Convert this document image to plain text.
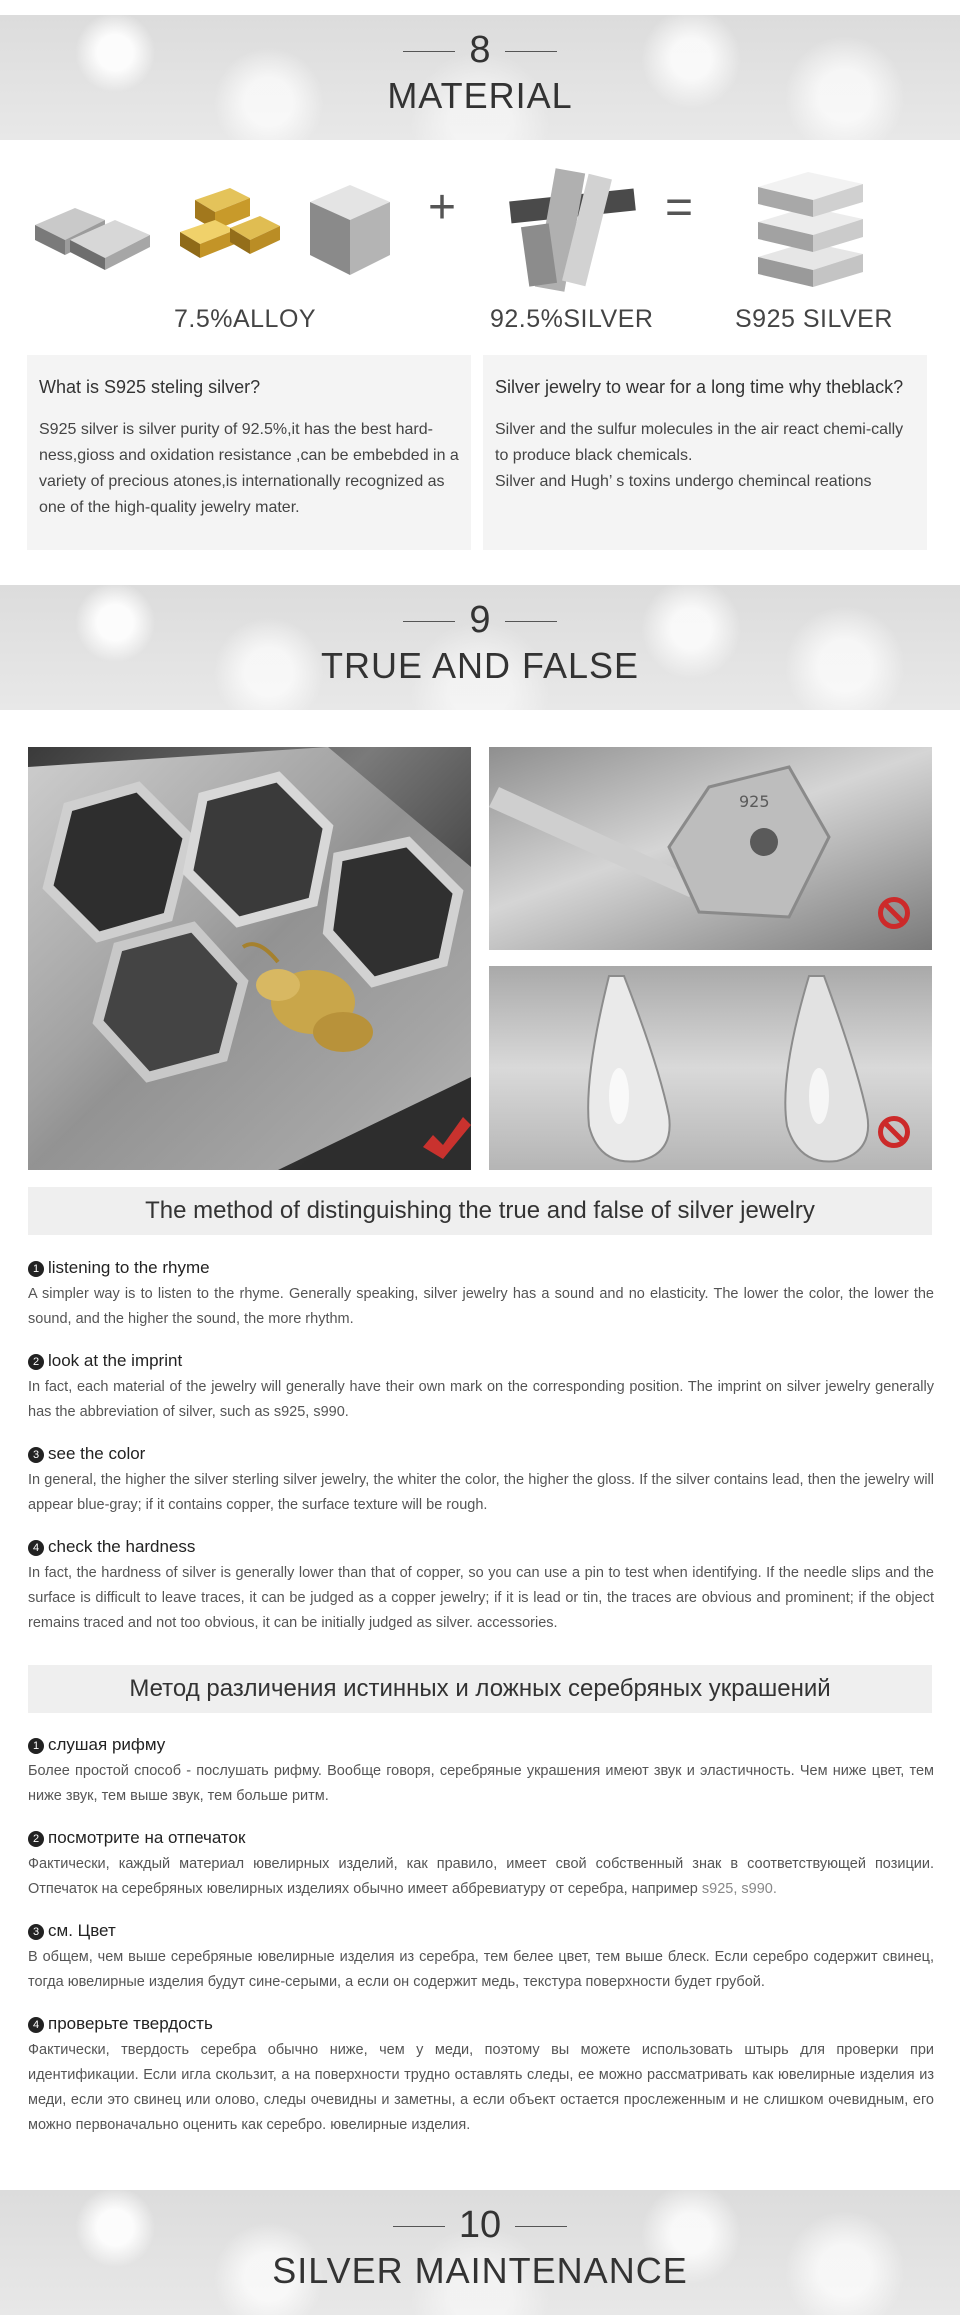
8
MATERIAL
+	=
7.5%ALLOY	92.5%SILVER	S925 SILVER
What is S925 steling silver?
S925 silver is silver purity of 92.5%,it has the best hard-ness,gioss and oxidation resistance ,can be embebded in a variety of precious atones,is internationally recognized as one of the high-quality jewelry mater.
Silver jewelry to wear for a long time why theblack?
Silver and the sulfur molecules in the air react chemi-cally to produce black chemicals.
Silver and Hugh’ s toxins undergo chemincal reations
9
TRUE AND FALSE
925
The method of distinguishing the true and false of silver jewelry
1 listening to the rhyme
A simpler way is to listen to the rhyme. Generally speaking, silver jewelry has a sound and no elasticity. The lower the color, the lower the sound, and the higher the sound, the more rhythm.
2 look at the imprint
In fact, each material of the jewelry will generally have their own mark on the corresponding position. The imprint on silver jewelry generally has the abbreviation of silver, such as s925, s990.
3 see the color
In general, the higher the silver sterling silver jewelry, the whiter the color, the higher the gloss. If the silver contains lead, then the jewelry will appear blue-gray; if it contains copper, the surface texture will be rough.
4 check the hardness
In fact, the hardness of silver is generally lower than that of copper, so you can use a pin to test when identifying. If the needle slips and the surface is difficult to leave traces, it can be judged as a copper jewelry; if it is lead or tin, the traces are obvious and prominent; if the object remains traced and not too obvious, it can be initially judged as silver. accessories.
Метод различения истинных и ложных серебряных украшений
1 слушая рифму
Более простой способ - послушать рифму. Вообще говоря, серебряные украшения имеют звук и эластичность. Чем ниже цвет, тем ниже звук, тем выше звук, тем больше ритм.
2 посмотрите на отпечаток
Фактически, каждый материал ювелирных изделий, как правило, имеет свой собственный знак в соответствующей позиции. Отпечаток на серебряных ювелирных изделиях обычно имеет аббревиатуру от серебра, например s925, s990.
3 см. Цвет
В общем, чем выше серебряные ювелирные изделия из серебра, тем белее цвет, тем выше блеск. Если серебро содержит свинец, тогда ювелирные изделия будут сине-серыми, а если он содержит медь, текстура поверхности будет грубой.
4 проверьте твердость
Фактически, твердость серебра обычно ниже, чем у меди, поэтому вы можете использовать штырь для проверки при идентификации. Если игла скользит, а на поверхности трудно оставлять следы, ее можно рассматривать как ювелирные изделия из меди, если это свинец или олово, следы очевидны и заметны, а если объект остается прослеженным и не слишком очевидным, его можно первоначально оценить как серебро. ювелирные изделия.
10
SILVER MAINTENANCE
